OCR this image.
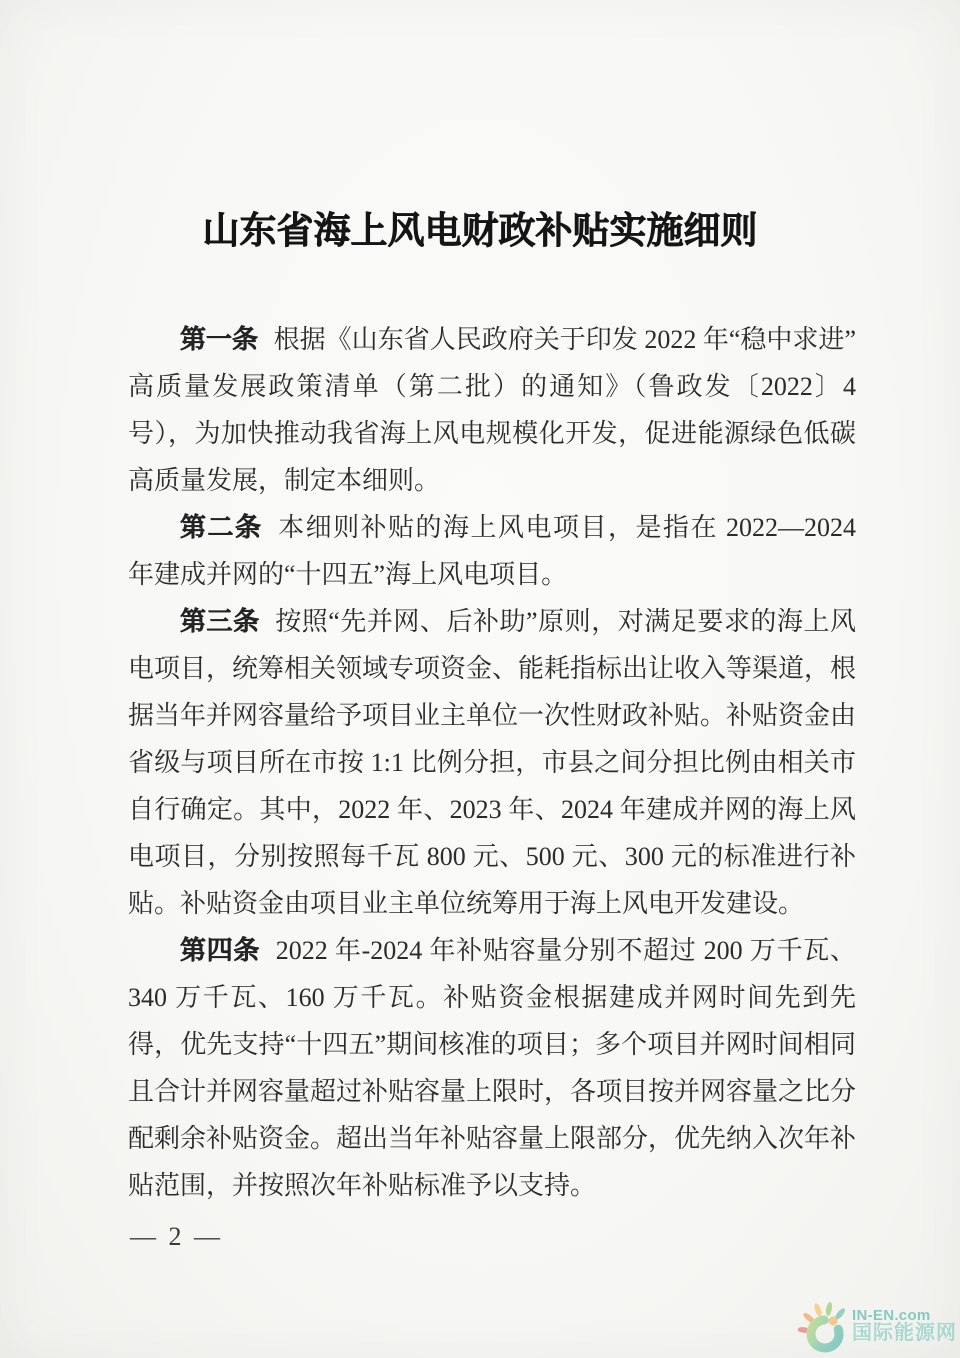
山东省海上风电财政补贴实施细则

第一条 根据《山东省人民政府关于印发 2022 年“稳中求进”高质量发展政策清单（第二批）的通知》（鲁政发〔2022〕4 号），为加快推动我省海上风电规模化开发，促进能源绿色低碳高质量发展，制定本细则。

第二条 本细则补贴的海上风电项目，是指在 2022—2024 年建成并网的“十四五”海上风电项目。

第三条 按照“先并网、后补助”原则，对满足要求的海上风电项目，统筹相关领域专项资金、能耗指标出让收入等渠道，根据当年并网容量给予项目业主单位一次性财政补贴。补贴资金由省级与项目所在市按 1:1 比例分担，市县之间分担比例由相关市自行确定。其中，2022 年、2023 年、2024 年建成并网的海上风电项目，分别按照每千瓦 800 元、500 元、300 元的标准进行补贴。补贴资金由项目业主单位统筹用于海上风电开发建设。

第四条 2022 年-2024 年补贴容量分别不超过 200 万千瓦、340 万千瓦、160 万千瓦。补贴资金根据建成并网时间先到先得，优先支持“十四五”期间核准的项目；多个项目并网时间相同且合计并网容量超过补贴容量上限时，各项目按并网容量之比分配剩余补贴资金。超出当年补贴容量上限部分，优先纳入次年补贴范围，并按照次年补贴标准予以支持。

— 2 —
IN-EN.com
国际能源网
